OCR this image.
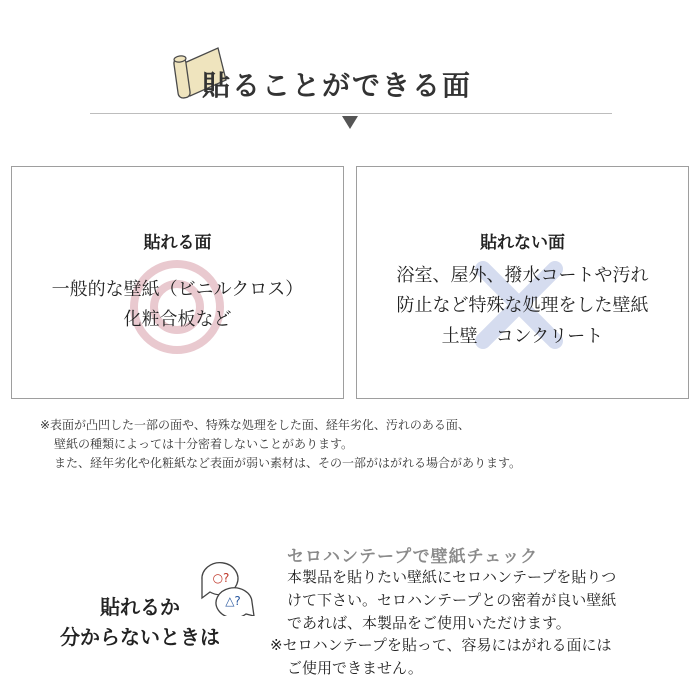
貼ることができる面
貼れる面
一般的な壁紙（ビニルクロス）
化粧合板など
貼れない面
浴室、屋外、撥水コートや汚れ
防止など特殊な処理をした壁紙
土壁　コンクリート
※表面が凸凹した一部の面や、特殊な処理をした面、経年劣化、汚れのある面、
壁紙の種類によっては十分密着しないことがあります。
また、経年劣化や化粧紙など表面が弱い素材は、その一部がはがれる場合があります。
貼れるか
分からないときは
○?
△?
セロハンテープで壁紙チェック
本製品を貼りたい壁紙にセロハンテープを貼りつ
けて下さい。セロハンテープとの密着が良い壁紙
であれば、本製品をご使用いただけます。
※セロハンテープを貼って、容易にはがれる面には
ご使用できません。
